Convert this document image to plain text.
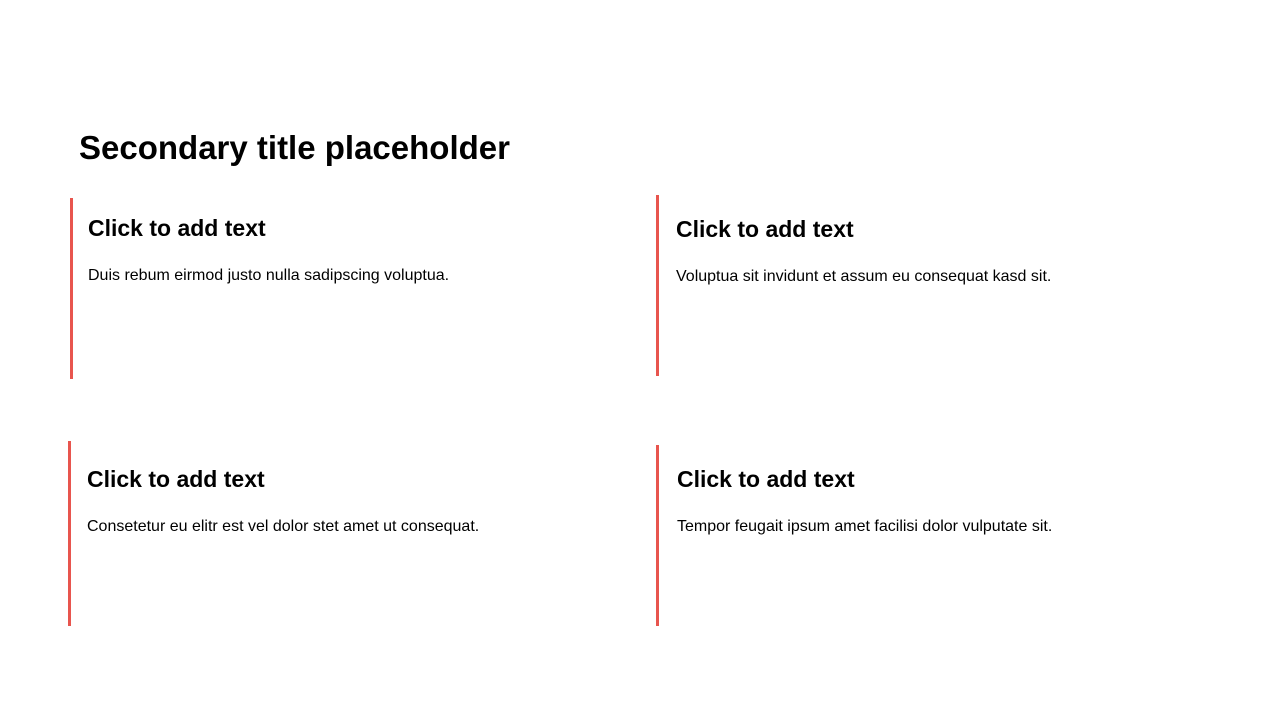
Secondary title placeholder
Click to add text

Duis rebum eirmod justo nulla sadipscing voluptua.

Click to add text

Voluptua sit invidunt et assum eu consequat kasd sit.

Click to add text

Consetetur eu elitr est vel dolor stet amet ut consequat.

Click to add text

Tempor feugait ipsum amet facilisi dolor vulputate sit.
